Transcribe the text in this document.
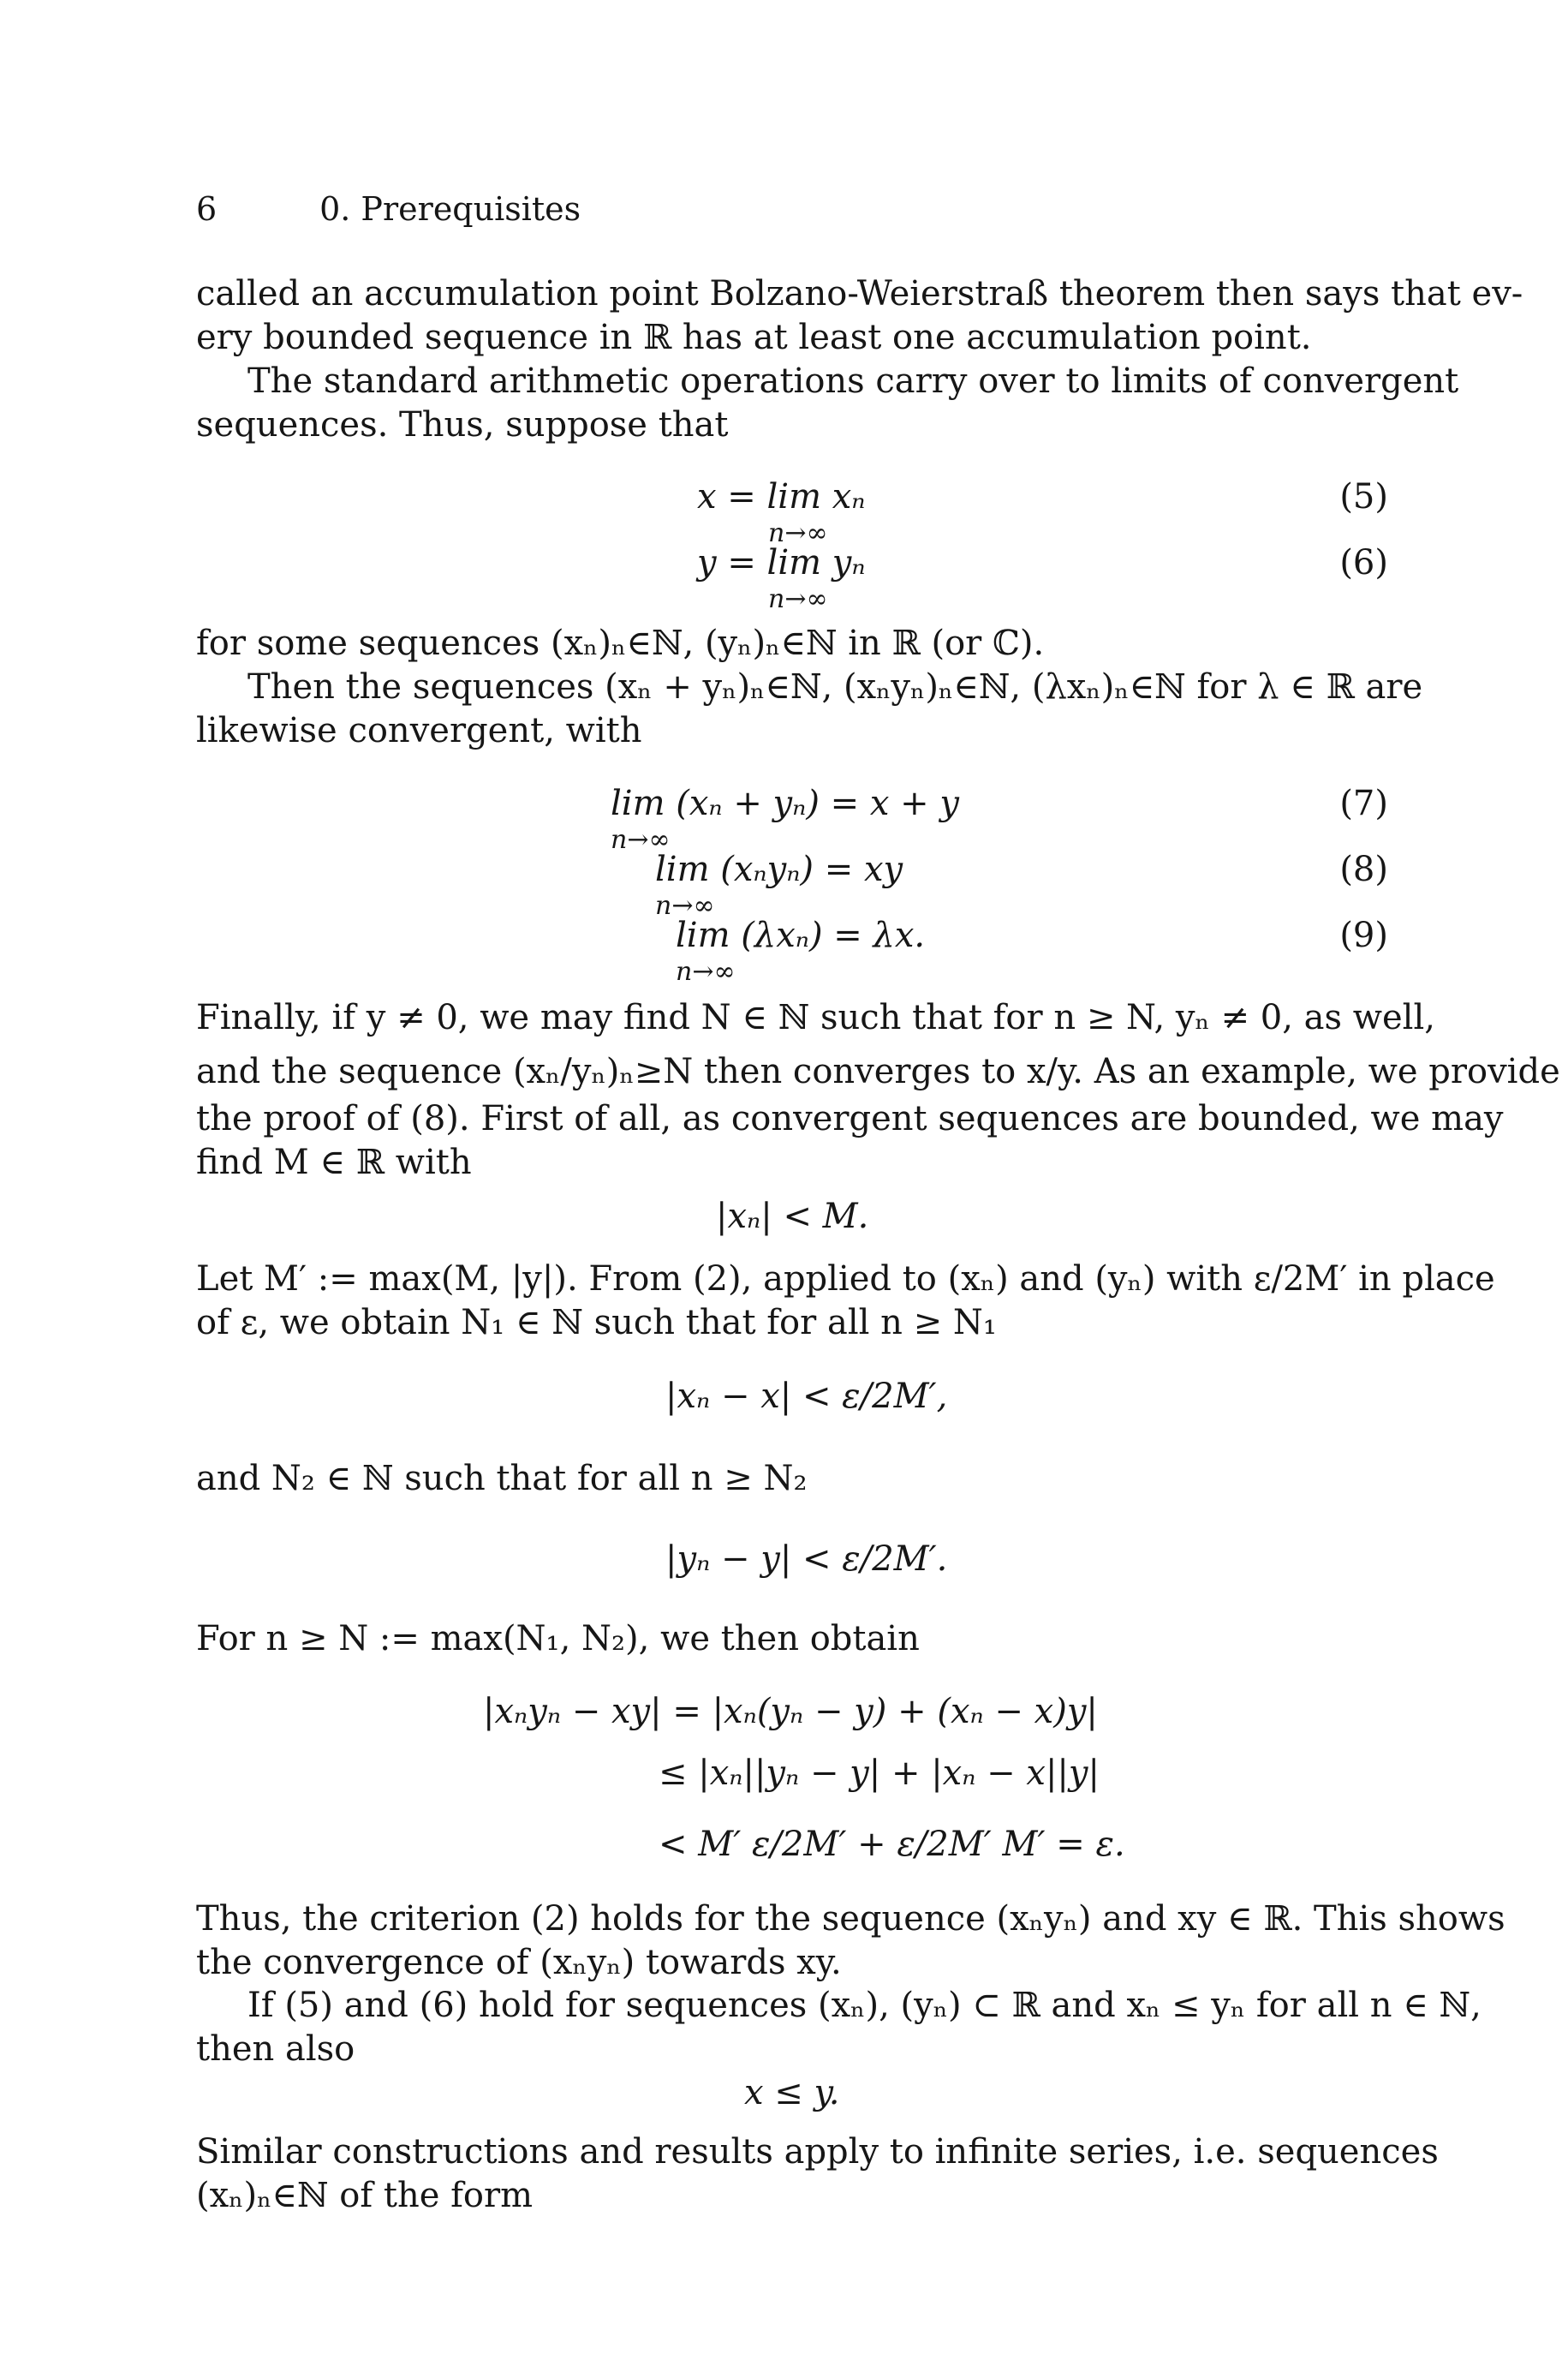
6	0. Prerequisites
called an accumulation point Bolzano-Weierstraß theorem then says that ev-
ery bounded sequence in ℝ has at least one accumulation point.
The standard arithmetic operations carry over to limits of convergent
sequences. Thus, suppose that
x = lim xₙ
n→∞
(5)
y = lim yₙ
n→∞
(6)
for some sequences (xₙ)ₙ∈ℕ, (yₙ)ₙ∈ℕ in ℝ (or ℂ).
Then the sequences (xₙ + yₙ)ₙ∈ℕ, (xₙyₙ)ₙ∈ℕ, (λxₙ)ₙ∈ℕ for λ ∈ ℝ are
likewise convergent, with
lim (xₙ + yₙ) = x + y
n→∞
(7)
lim (xₙyₙ) = xy
n→∞
(8)
lim (λxₙ) = λx.
n→∞
(9)
Finally, if y ≠ 0, we may find N ∈ ℕ such that for n ≥ N, yₙ ≠ 0, as well,
and the sequence (xₙ/yₙ)ₙ≥N then converges to x/y. As an example, we provide
the proof of (8). First of all, as convergent sequences are bounded, we may
find M ∈ ℝ with
|xₙ| < M.
Let M′ := max(M, |y|). From (2), applied to (xₙ) and (yₙ) with ε/2M′ in place
of ε, we obtain N₁ ∈ ℕ such that for all n ≥ N₁
|xₙ − x| < ε/2M′,
and N₂ ∈ ℕ such that for all n ≥ N₂
|yₙ − y| < ε/2M′.
For n ≥ N := max(N₁, N₂), we then obtain
|xₙyₙ − xy| = |xₙ(yₙ − y) + (xₙ − x)y|
≤ |xₙ||yₙ − y| + |xₙ − x||y|
< M′ ε/2M′ + ε/2M′ M′ = ε.
Thus, the criterion (2) holds for the sequence (xₙyₙ) and xy ∈ ℝ. This shows
the convergence of (xₙyₙ) towards xy.
If (5) and (6) hold for sequences (xₙ), (yₙ) ⊂ ℝ and xₙ ≤ yₙ for all n ∈ ℕ,
then also
x ≤ y.
Similar constructions and results apply to infinite series, i.e. sequences
(xₙ)ₙ∈ℕ of the form
